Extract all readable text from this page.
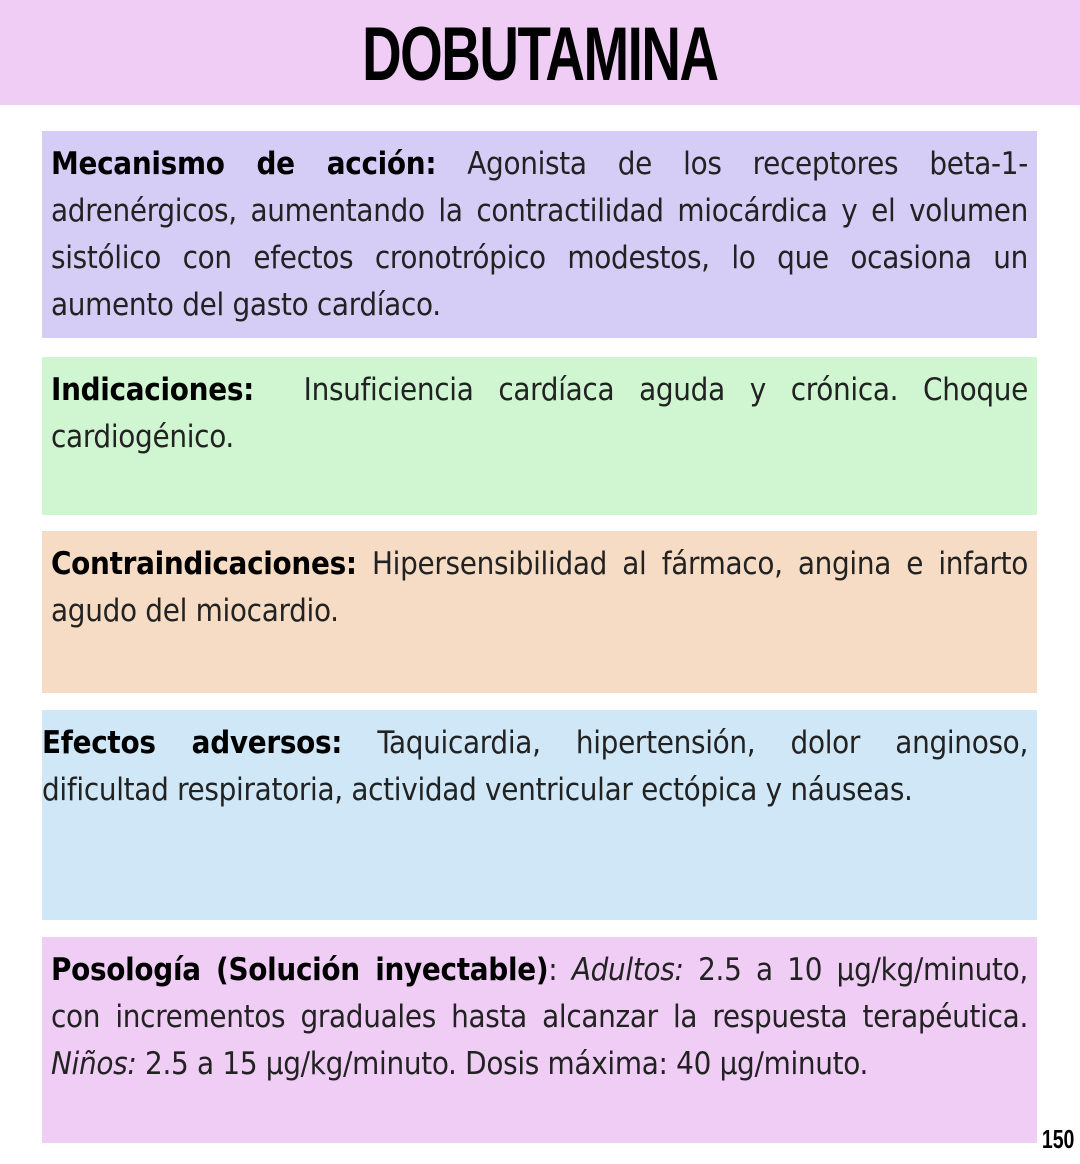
DOBUTAMINA
Mecanismo de acción: Agonista de los receptores beta-1-adrenérgicos, aumentando la contractilidad miocárdica y el volumen sistólico con efectos cronotrópico modestos, lo que ocasiona un aumento del gasto cardíaco.
Indicaciones:  Insuficiencia cardíaca aguda y crónica. Choque cardiogénico.
Contraindicaciones: Hipersensibilidad al fármaco, angina e infarto agudo del miocardio.
Efectos adversos: Taquicardia, hipertensión, dolor anginoso, dificultad respiratoria, actividad ventricular ectópica y náuseas.
Posología (Solución inyectable): Adultos: 2.5 a 10 µg/kg/minuto, con incrementos graduales hasta alcanzar la respuesta terapéutica. Niños: 2.5 a 15 µg/kg/minuto. Dosis máxima: 40 µg/minuto.
150
